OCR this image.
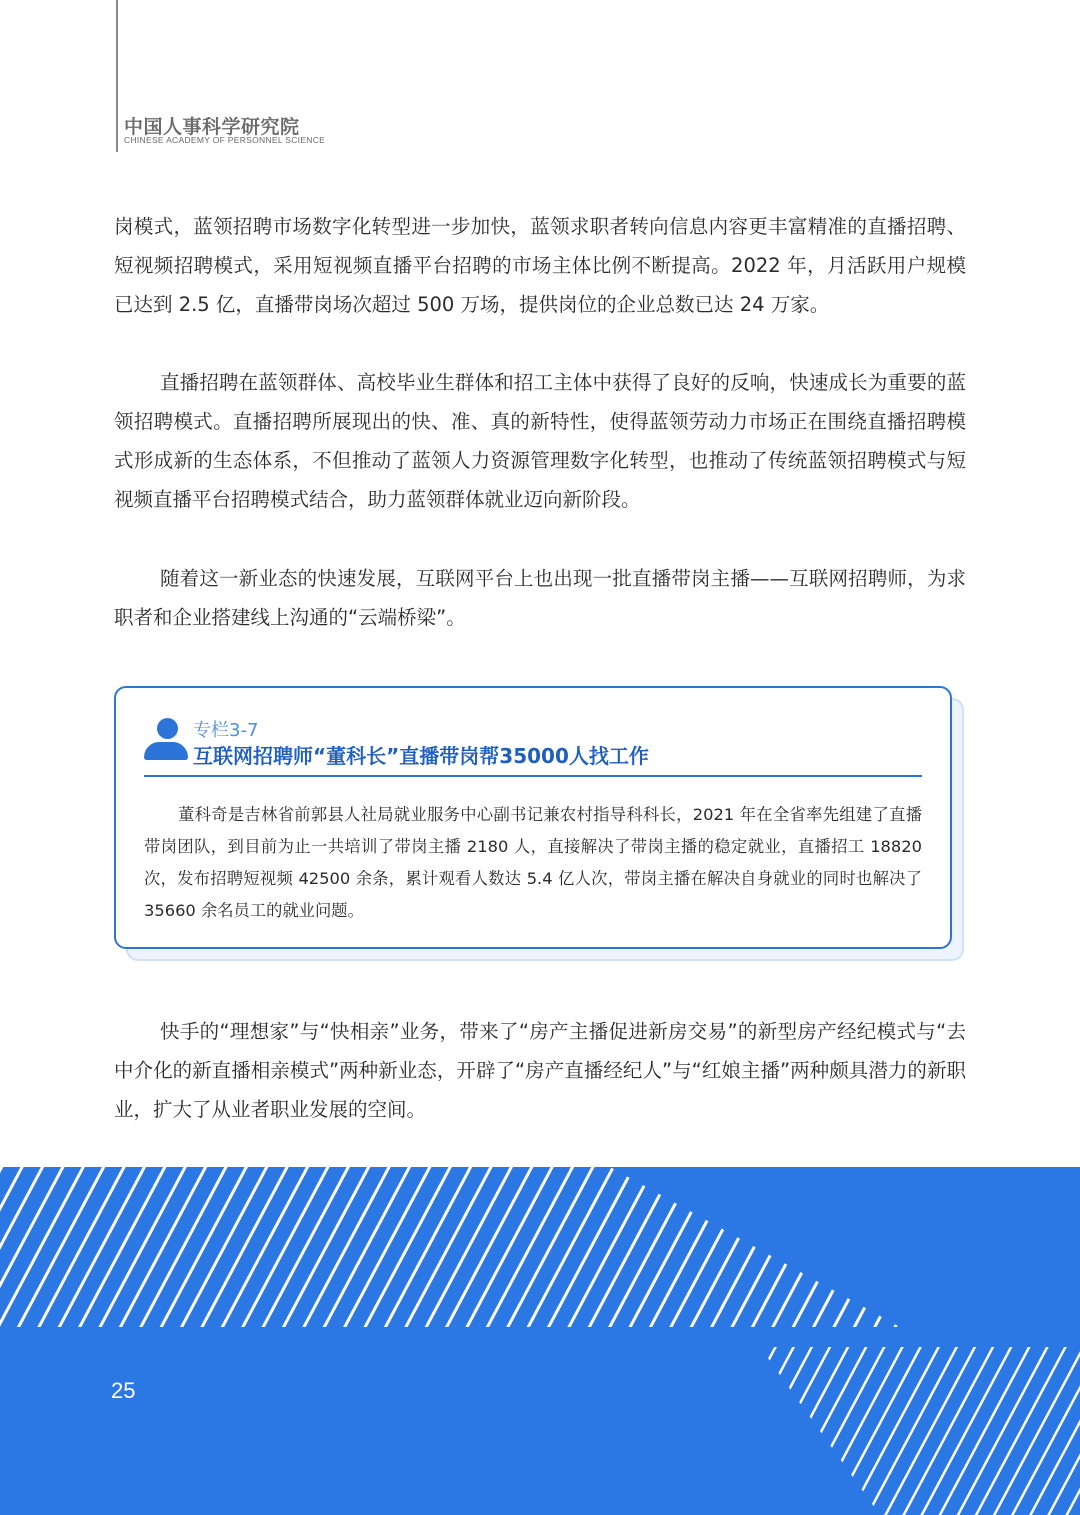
中国人事科学研究院
CHINESE ACADEMY OF PERSONNEL SCIENCE

岗模式，蓝领招聘市场数字化转型进一步加快，蓝领求职者转向信息内容更丰富精准的直播招聘、短视频招聘模式，采用短视频直播平台招聘的市场主体比例不断提高。2022 年，月活跃用户规模已达到 2.5 亿，直播带岗场次超过 500 万场，提供岗位的企业总数已达 24 万家。

直播招聘在蓝领群体、高校毕业生群体和招工主体中获得了良好的反响，快速成长为重要的蓝领招聘模式。直播招聘所展现出的快、准、真的新特性，使得蓝领劳动力市场正在围绕直播招聘模式形成新的生态体系，不但推动了蓝领人力资源管理数字化转型，也推动了传统蓝领招聘模式与短视频直播平台招聘模式结合，助力蓝领群体就业迈向新阶段。

随着这一新业态的快速发展，互联网平台上也出现一批直播带岗主播——互联网招聘师，为求职者和企业搭建线上沟通的“云端桥梁”。

专栏3-7
互联网招聘师“董科长”直播带岗帮35000人找工作

董科奇是吉林省前郭县人社局就业服务中心副书记兼农村指导科科长，2021 年在全省率先组建了直播带岗团队，到目前为止一共培训了带岗主播 2180 人，直接解决了带岗主播的稳定就业，直播招工 18820 次，发布招聘短视频 42500 余条，累计观看人数达 5.4 亿人次，带岗主播在解决自身就业的同时也解决了 35660 余名员工的就业问题。

快手的“理想家”与“快相亲”业务，带来了“房产主播促进新房交易”的新型房产经纪模式与“去中介化的新直播相亲模式”两种新业态，开辟了“房产直播经纪人”与“红娘主播”两种颇具潜力的新职业，扩大了从业者职业发展的空间。

25
